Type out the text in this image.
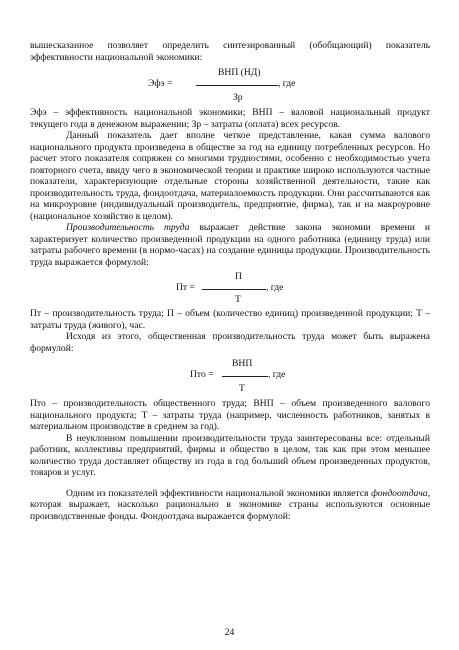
вышесказанное позволяет определить синтезированный (обобщающий) показатель эффективности национальной экономики:

ВНП (НД)
Эфэ =	, где
Зр

Эфэ – эффективность национальной экономики; ВНП – валовой национальный продукт текущего года в денежном выражении; Зр – затраты (оплата) всех ресурсов.

Данный показатель дает вполне четкое представление, какая сумма валового национального продукта произведена в обществе за год на единицу потребленных ресурсов. Но расчет этого показателя сопряжен со многими трудностями, особенно с необходимостью учета повторного счета, ввиду чего в экономической теории и практике широко используются частные показатели, характеризующие отдельные стороны хозяйственной деятельности, такие как производительность труда, фондоотдача, материалоемкость продукции. Они рассчитываются как на микроуровне (индивидуальный производитель, предприятие, фирма), так и на макроуровне (национальное хозяйство в целом).

Производительность труда выражает действие закона экономии времени и характеризует количество произведенной продукции на одного работника (единицу труда) или затраты рабочего времени (в нормо-часах) на создание единицы продукции. Производительность труда выражается формулой:

П
Пт =	, где
Т

Пт – производительность труда; П – объем (количество единиц) произведенной продукции; Т – затраты труда (живого), час.

Исходя из этого, общественная производительность труда может быть выражена формулой:

ВНП
Пто =	, где
Т

Пто – производительность общественного труда; ВНП – объем произведенного валового национального продукта; Т – затраты труда (например, численность работников, занятых в материальном производстве в среднем за год).

В неуклонном повышении производительности труда заинтересованы все: отдельный работник, коллективы предприятий, фирмы и общество в целом, так как при этом меньшее количество труда доставляет обществу из года в год больший объем произведенных продуктов, товаров и услуг.

Одним из показателей эффективности национальной экономики является фондоотдача, которая выражает, насколько рационально в экономике страны используются основные производственные фонды. Фондоотдача выражается формулой:

24
